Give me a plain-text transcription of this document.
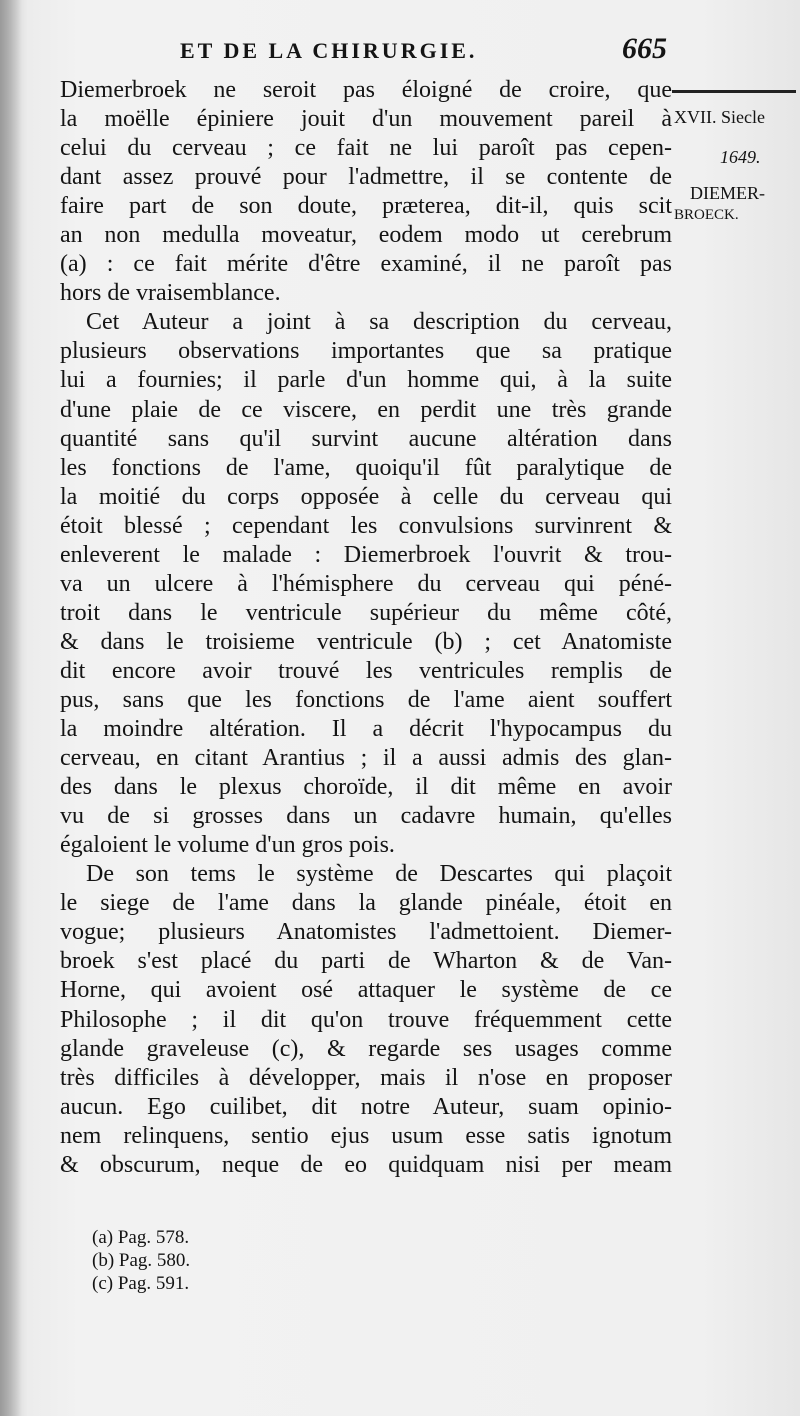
ET DE LA CHIRURGIE.	665
XVII. Siecle
1649.
DIEMER-
BROECK.
Diemerbroek ne seroit pas éloigné de croire, que
la moëlle épiniere jouit d'un mouvement pareil à
celui du cerveau ; ce fait ne lui paroît pas cepen-
dant assez prouvé pour l'admettre, il se contente de
faire part de son doute, præterea, dit-il, quis scit
an non medulla moveatur, eodem modo ut cerebrum
(a) : ce fait mérite d'être examiné, il ne paroît pas
hors de vraisemblance.
Cet Auteur a joint à sa description du cerveau,
plusieurs observations importantes que sa pratique
lui a fournies; il parle d'un homme qui, à la suite
d'une plaie de ce viscere, en perdit une très grande
quantité sans qu'il survint aucune altération dans
les fonctions de l'ame, quoiqu'il fût paralytique de
la moitié du corps opposée à celle du cerveau qui
étoit blessé ; cependant les convulsions survinrent &
enleverent le malade : Diemerbroek l'ouvrit & trou-
va un ulcere à l'hémisphere du cerveau qui péné-
troit dans le ventricule supérieur du même côté,
& dans le troisieme ventricule (b) ; cet Anatomiste
dit encore avoir trouvé les ventricules remplis de
pus, sans que les fonctions de l'ame aient souffert
la moindre altération. Il a décrit l'hypocampus du
cerveau, en citant Arantius ; il a aussi admis des glan-
des dans le plexus choroïde, il dit même en avoir
vu de si grosses dans un cadavre humain, qu'elles
égaloient le volume d'un gros pois.
De son tems le système de Descartes qui plaçoit
le siege de l'ame dans la glande pinéale, étoit en
vogue; plusieurs Anatomistes l'admettoient. Diemer-
broek s'est placé du parti de Wharton & de Van-
Horne, qui avoient osé attaquer le système de ce
Philosophe ; il dit qu'on trouve fréquemment cette
glande graveleuse (c), & regarde ses usages comme
très difficiles à développer, mais il n'ose en proposer
aucun. Ego cuilibet, dit notre Auteur, suam opinio-
nem relinquens, sentio ejus usum esse satis ignotum
& obscurum, neque de eo quidquam nisi per meam
(a) Pag. 578.
(b) Pag. 580.
(c) Pag. 591.
